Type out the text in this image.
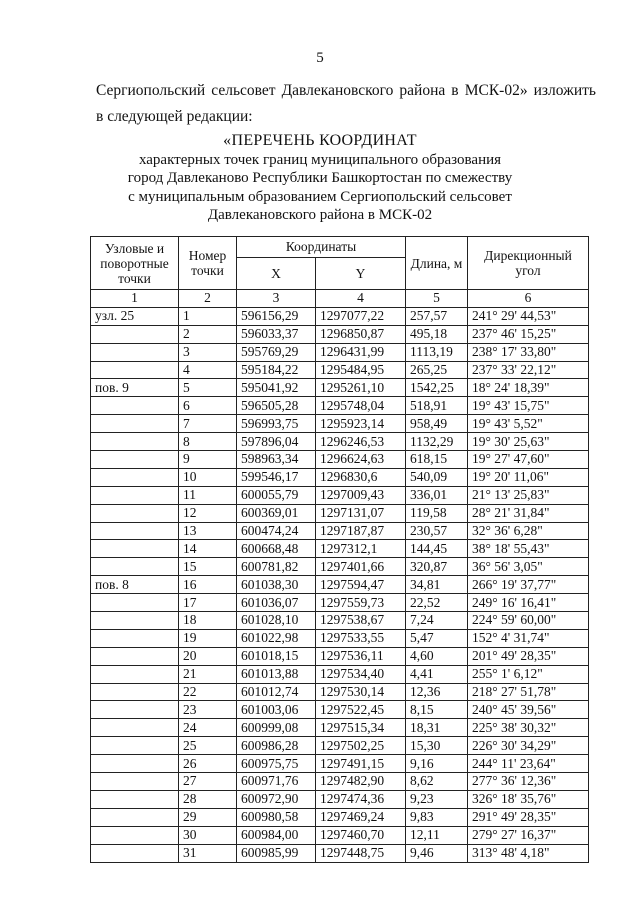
5
Сергиопольский сельсовет Давлекановского района в МСК-02» изложить
в следующей редакции:
«ПЕРЕЧЕНЬ КООРДИНАТ
характерных точек границ муниципального образования
город Давлеканово Республики Башкортостан по смежеству
с муниципальным образованием Сергиопольский сельсовет
Давлекановского района в МСК-02
Узловые и поворотные точки	Номер точки	Координаты		Длина, м	Дирекционный угол
		X	Y		
1	2	3	4	5	6
узл. 25	1	596156,29	1297077,22	257,57	241° 29' 44,53"
	2	596033,37	1296850,87	495,18	237° 46' 15,25"
	3	595769,29	1296431,99	1113,19	238° 17' 33,80"
	4	595184,22	1295484,95	265,25	237° 33' 22,12"
пов. 9	5	595041,92	1295261,10	1542,25	18° 24' 18,39"
	6	596505,28	1295748,04	518,91	19° 43' 15,75"
	7	596993,75	1295923,14	958,49	19° 43' 5,52"
	8	597896,04	1296246,53	1132,29	19° 30' 25,63"
	9	598963,34	1296624,63	618,15	19° 27' 47,60"
	10	599546,17	1296830,6	540,09	19° 20' 11,06"
	11	600055,79	1297009,43	336,01	21° 13' 25,83"
	12	600369,01	1297131,07	119,58	28° 21' 31,84"
	13	600474,24	1297187,87	230,57	32° 36' 6,28"
	14	600668,48	1297312,1	144,45	38° 18' 55,43"
	15	600781,82	1297401,66	320,87	36° 56' 3,05"
пов. 8	16	601038,30	1297594,47	34,81	266° 19' 37,77"
	17	601036,07	1297559,73	22,52	249° 16' 16,41"
	18	601028,10	1297538,67	7,24	224° 59' 60,00"
	19	601022,98	1297533,55	5,47	152° 4' 31,74"
	20	601018,15	1297536,11	4,60	201° 49' 28,35"
	21	601013,88	1297534,40	4,41	255° 1' 6,12"
	22	601012,74	1297530,14	12,36	218° 27' 51,78"
	23	601003,06	1297522,45	8,15	240° 45' 39,56"
	24	600999,08	1297515,34	18,31	225° 38' 30,32"
	25	600986,28	1297502,25	15,30	226° 30' 34,29"
	26	600975,75	1297491,15	9,16	244° 11' 23,64"
	27	600971,76	1297482,90	8,62	277° 36' 12,36"
	28	600972,90	1297474,36	9,23	326° 18' 35,76"
	29	600980,58	1297469,24	9,83	291° 49' 28,35"
	30	600984,00	1297460,70	12,11	279° 27' 16,37"
	31	600985,99	1297448,75	9,46	313° 48' 4,18"
